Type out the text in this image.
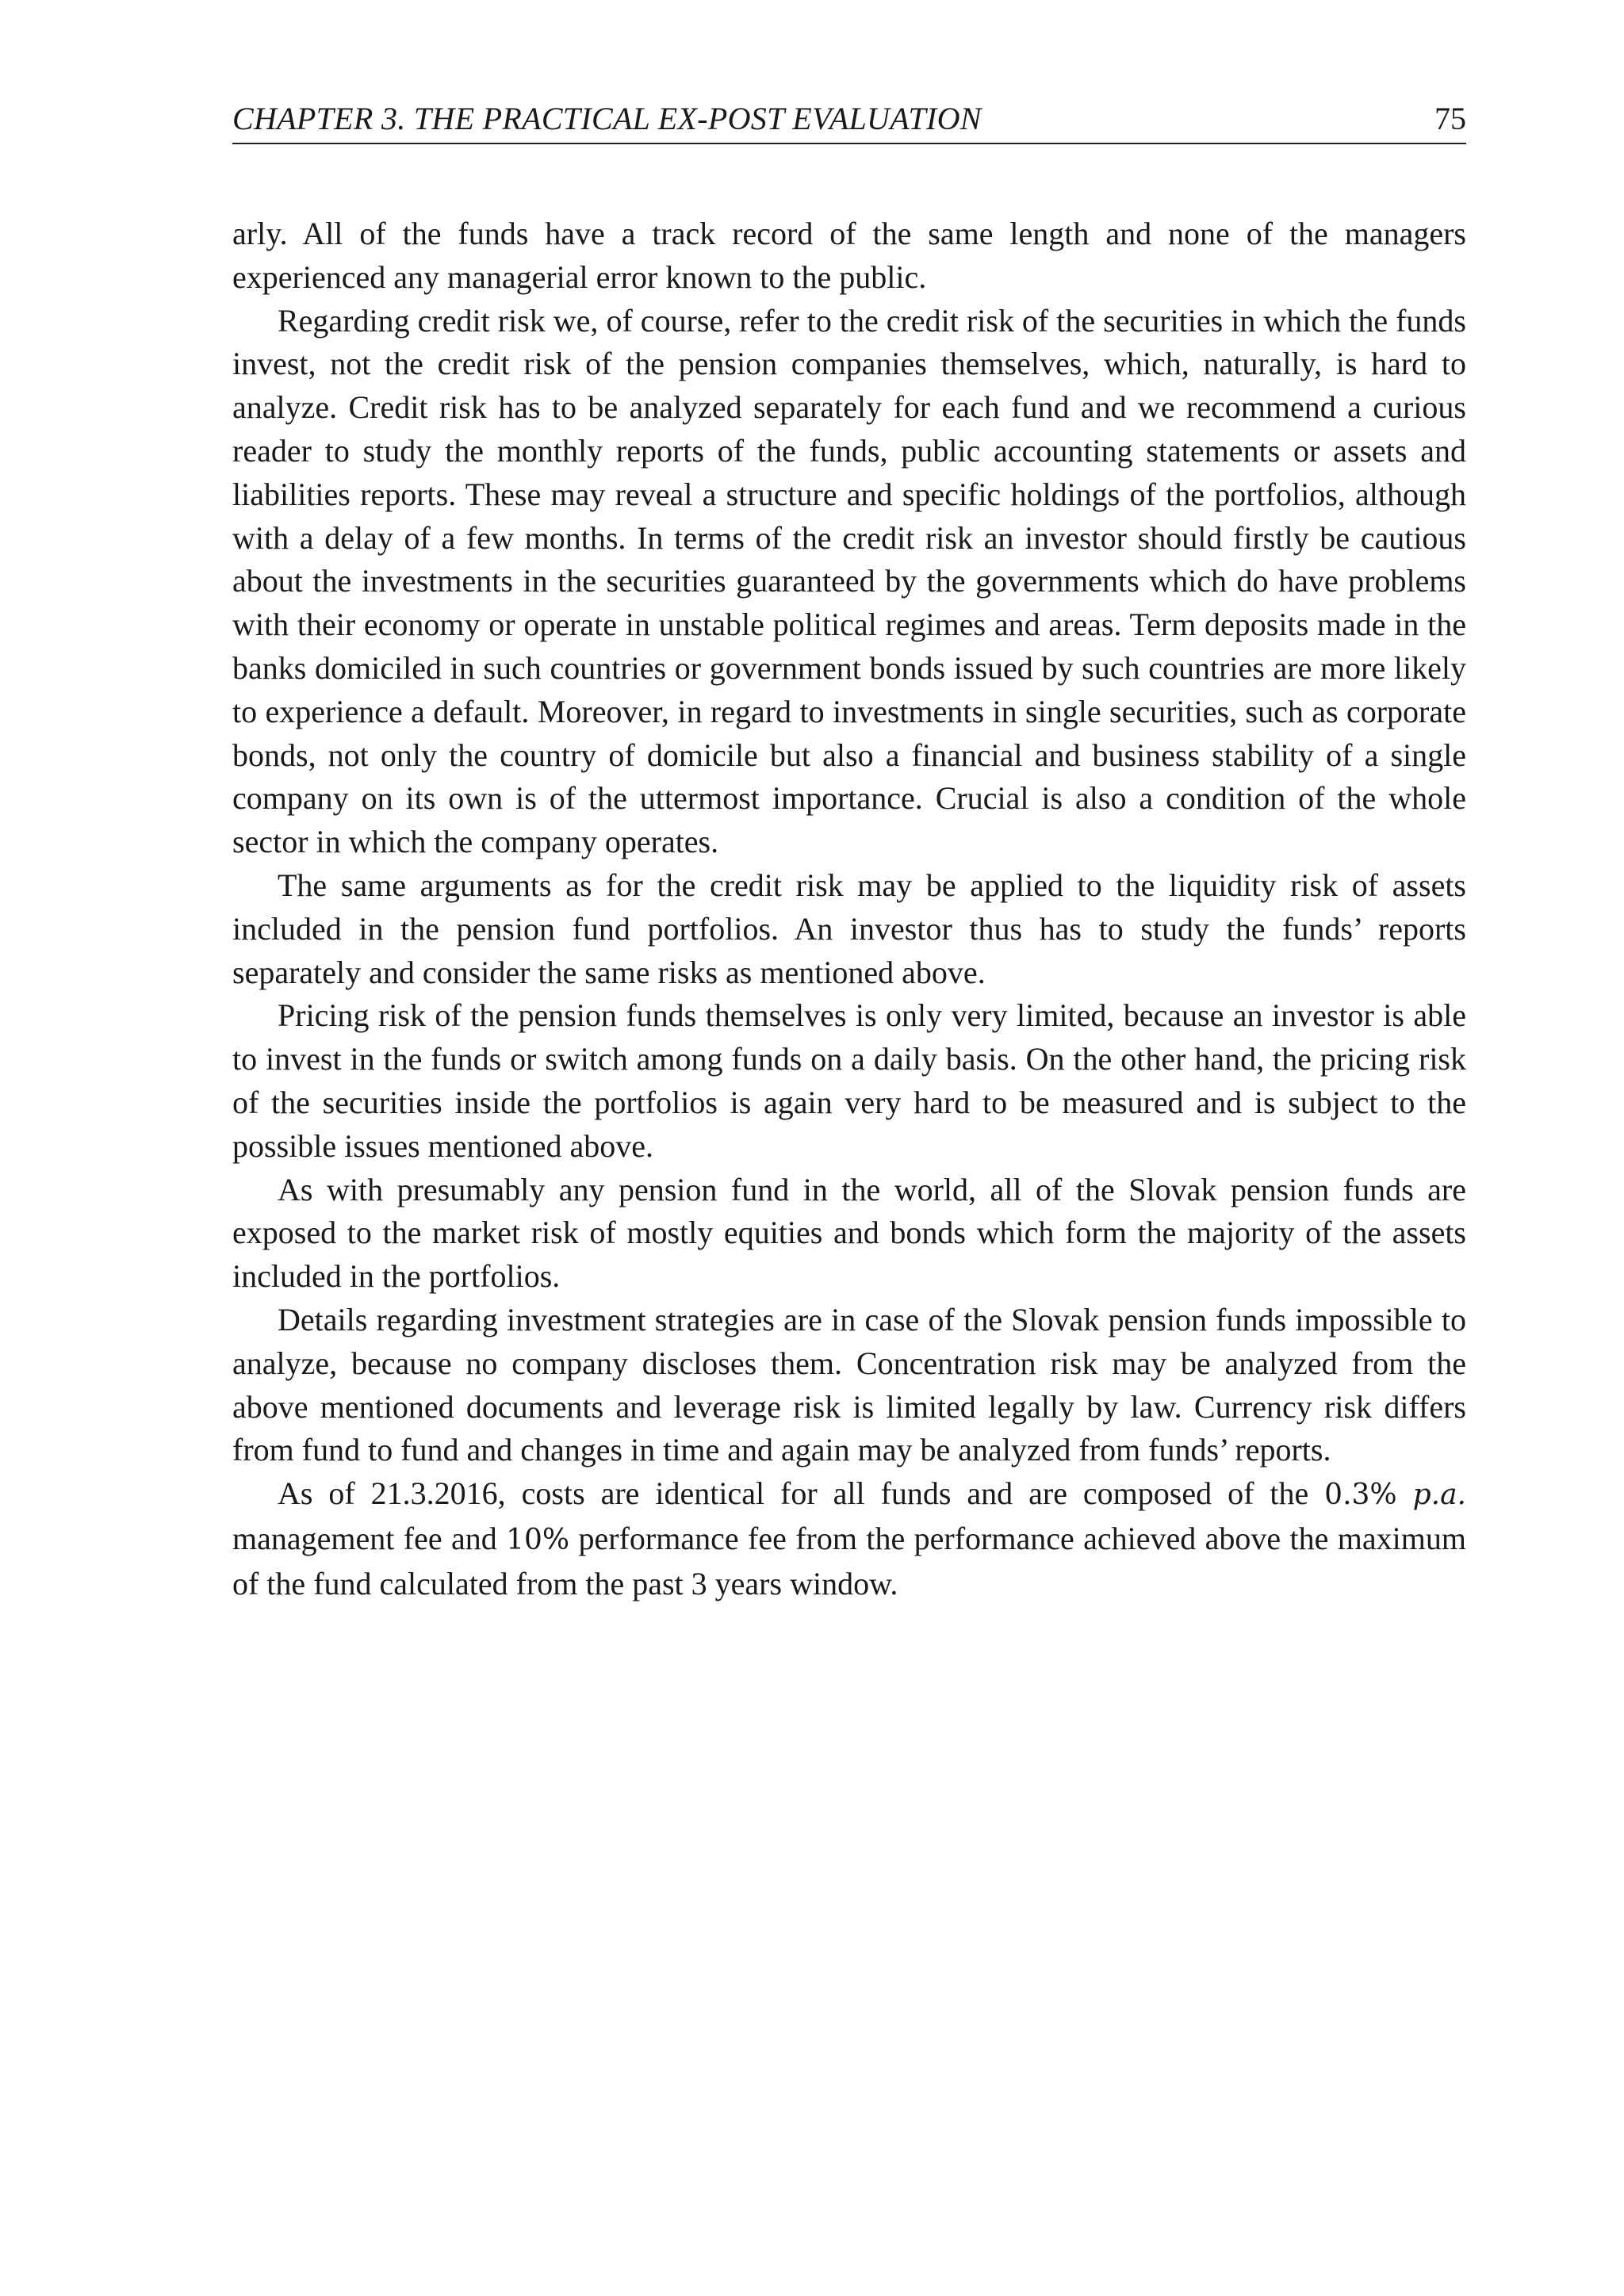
CHAPTER 3. THE PRACTICAL EX-POST EVALUATION	75

arly. All of the funds have a track record of the same length and none of the managers experienced any managerial error known to the public.

Regarding credit risk we, of course, refer to the credit risk of the securities in which the funds invest, not the credit risk of the pension companies themselves, which, naturally, is hard to analyze. Credit risk has to be analyzed separately for each fund and we recommend a curious reader to study the monthly reports of the funds, public accounting statements or assets and liabilities reports. These may reveal a structure and specific holdings of the portfolios, although with a delay of a few months. In terms of the credit risk an investor should firstly be cautious about the investments in the securities guaranteed by the governments which do have problems with their economy or operate in unstable political regimes and areas. Term deposits made in the banks domiciled in such countries or government bonds issued by such countries are more likely to experience a default. Moreover, in regard to investments in single securities, such as corporate bonds, not only the country of domicile but also a financial and business stability of a single company on its own is of the uttermost importance. Crucial is also a condition of the whole sector in which the company operates.

The same arguments as for the credit risk may be applied to the liquidity risk of assets included in the pension fund portfolios. An investor thus has to study the funds’ reports separately and consider the same risks as mentioned above.

Pricing risk of the pension funds themselves is only very limited, because an investor is able to invest in the funds or switch among funds on a daily basis. On the other hand, the pricing risk of the securities inside the portfolios is again very hard to be measured and is subject to the possible issues mentioned above.

As with presumably any pension fund in the world, all of the Slovak pension funds are exposed to the market risk of mostly equities and bonds which form the majority of the assets included in the portfolios.

Details regarding investment strategies are in case of the Slovak pension funds impossible to analyze, because no company discloses them. Concentration risk may be analyzed from the above mentioned documents and leverage risk is limited legally by law. Currency risk differs from fund to fund and changes in time and again may be analyzed from funds’ reports.

As of 21.3.2016, costs are identical for all funds and are composed of the 0.3% p.a. management fee and 10% performance fee from the performance achieved above the maximum of the fund calculated from the past 3 years window.
